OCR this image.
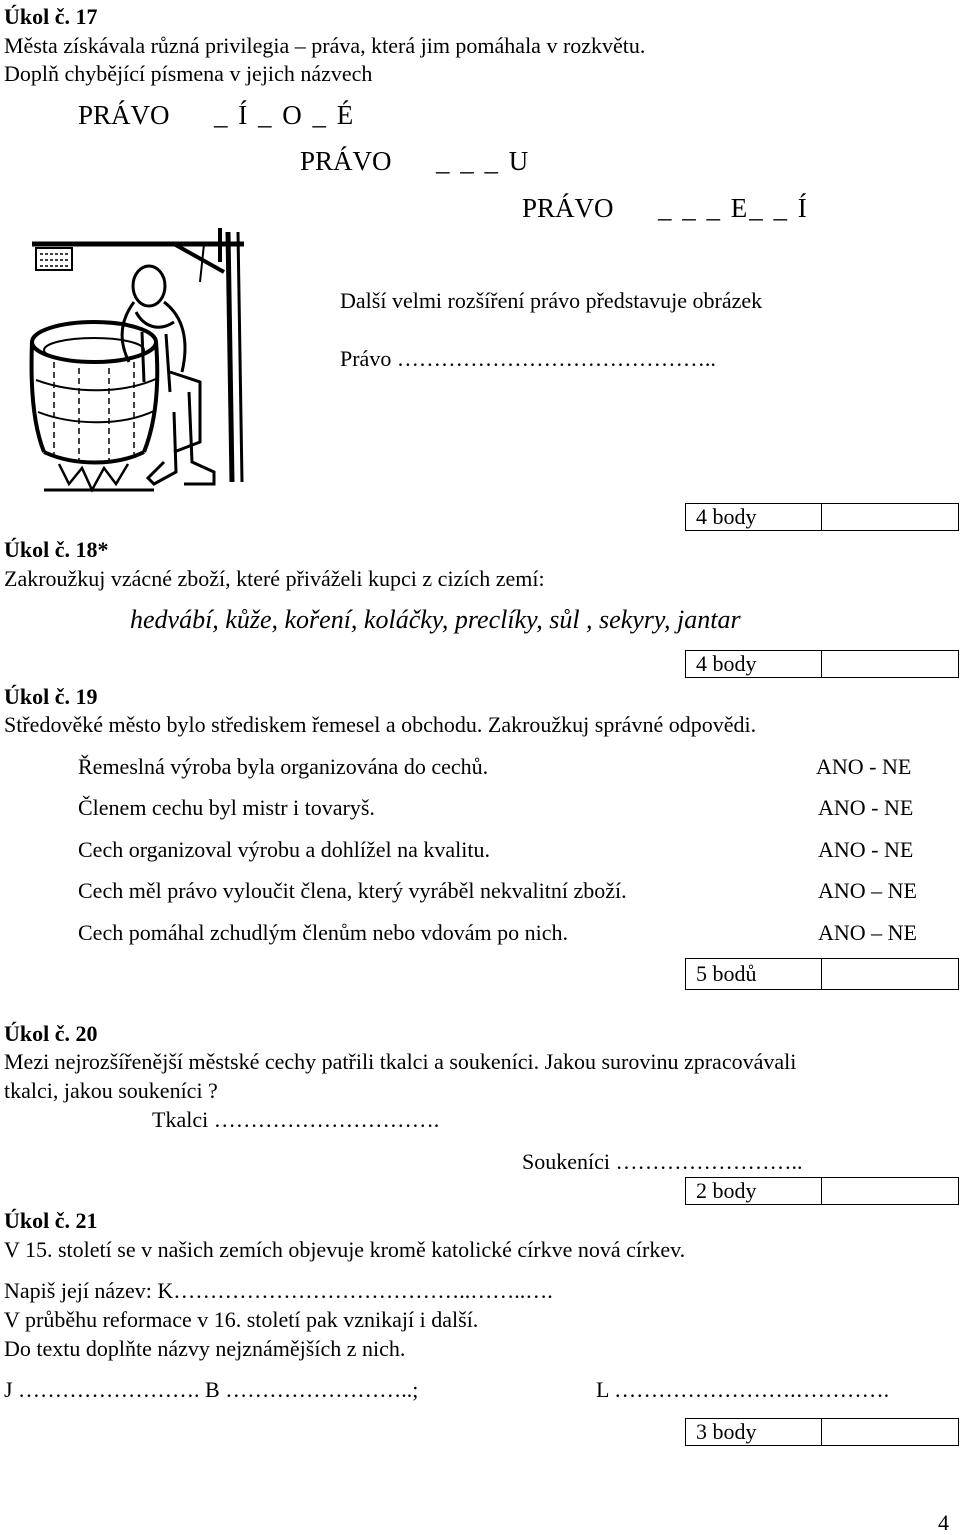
Úkol č. 17
Města získávala různá privilegia – práva, která jim pomáhala v rozkvětu.
Doplň chybějící písmena v jejich názvech
PRÁVO _ Í _ O _ É
PRÁVO _ _ _ U
PRÁVO _ _ _ E_ _ Í
Další velmi rozšíření právo představuje obrázek
Právo ……………………………………..
4 body
Úkol č. 18*
Zakroužkuj vzácné zboží, které přiváželi kupci z cizích zemí:
hedvábí, kůže, koření, koláčky, preclíky, sůl , sekyry, jantar
4 body
Úkol č. 19
Středověké město bylo střediskem řemesel a obchodu. Zakroužkuj správné odpovědi.
Řemeslná výroba byla organizována do cechů.	ANO - NE
Členem cechu byl mistr i tovaryš.	ANO - NE
Cech organizoval výrobu a dohlížel na kvalitu.	ANO - NE
Cech měl právo vyloučit člena, který vyráběl nekvalitní zboží.	ANO – NE
Cech pomáhal zchudlým členům nebo vdovám po nich.	ANO – NE
5 bodů
Úkol č. 20
Mezi nejrozšířenější městské cechy patřili tkalci a soukeníci. Jakou surovinu zpracovávali
tkalci, jakou soukeníci ?
Tkalci ………………………….
Soukeníci ……………………..
2 body
Úkol č. 21
V 15. století se v našich zemích objevuje kromě katolické církve nová církev.
Napiš její název: K…………………………………..……..….
V průběhu reformace v 16. století pak vznikají i další.
Do textu doplňte názvy nejznámějších z nich.
J ……………………. B ……………………..;	L …………………….………….
3 body
4
